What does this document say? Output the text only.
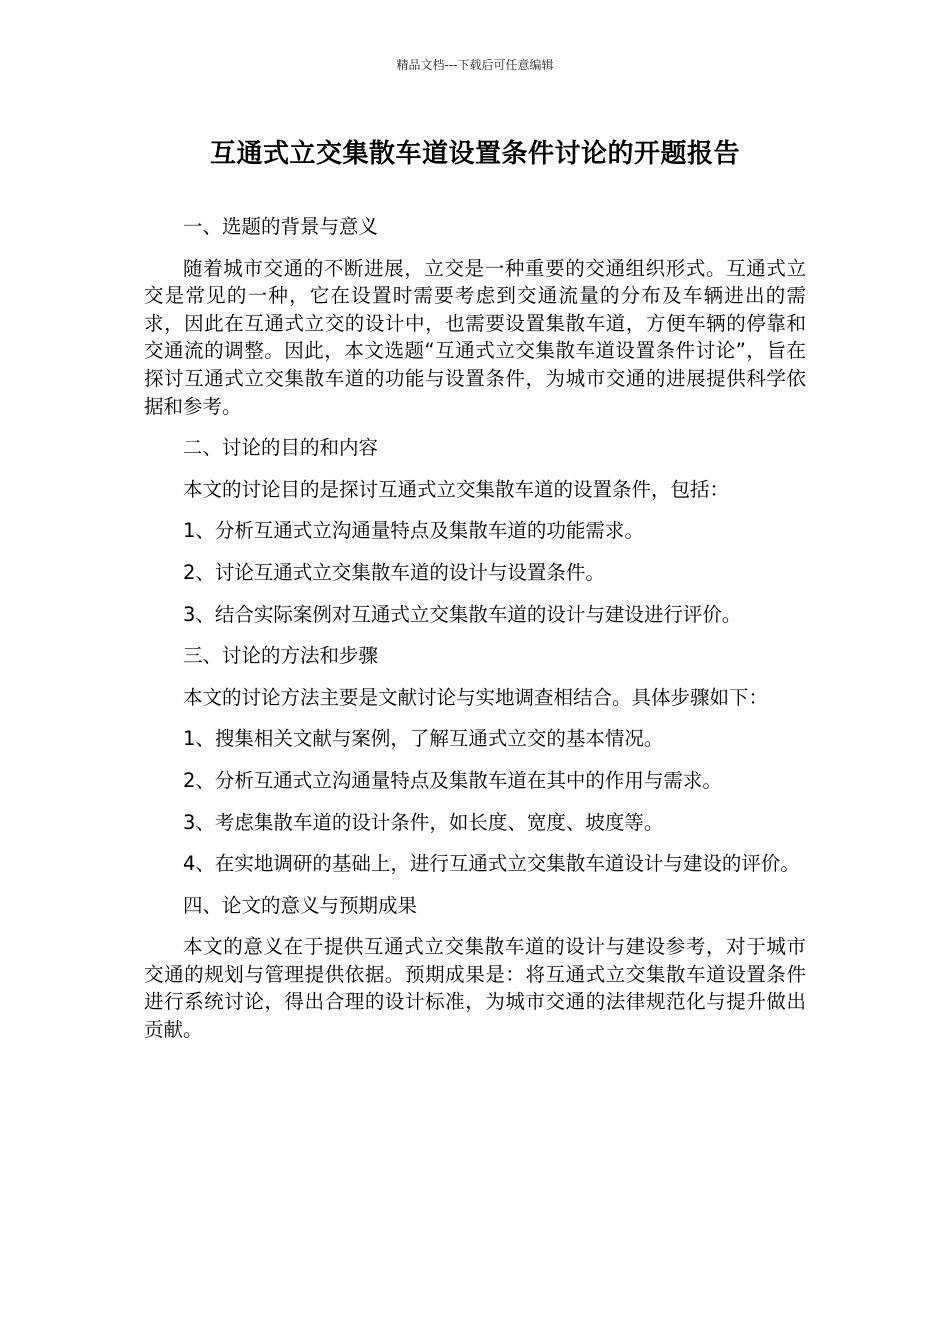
精品文档---下载后可任意编辑
互通式立交集散车道设置条件讨论的开题报告

一、选题的背景与意义

随着城市交通的不断进展，立交是一种重要的交通组织形式。互通式立交是常见的一种，它在设置时需要考虑到交通流量的分布及车辆进出的需求，因此在互通式立交的设计中，也需要设置集散车道，方便车辆的停靠和交通流的调整。因此，本文选题“互通式立交集散车道设置条件讨论”，旨在探讨互通式立交集散车道的功能与设置条件，为城市交通的进展提供科学依据和参考。

二、讨论的目的和内容

本文的讨论目的是探讨互通式立交集散车道的设置条件，包括：

1、分析互通式立沟通量特点及集散车道的功能需求。

2、讨论互通式立交集散车道的设计与设置条件。

3、结合实际案例对互通式立交集散车道的设计与建设进行评价。

三、讨论的方法和步骤

本文的讨论方法主要是文献讨论与实地调查相结合。具体步骤如下：

1、搜集相关文献与案例，了解互通式立交的基本情况。

2、分析互通式立沟通量特点及集散车道在其中的作用与需求。

3、考虑集散车道的设计条件，如长度、宽度、坡度等。

4、在实地调研的基础上，进行互通式立交集散车道设计与建设的评价。

四、论文的意义与预期成果

本文的意义在于提供互通式立交集散车道的设计与建设参考，对于城市交通的规划与管理提供依据。预期成果是：将互通式立交集散车道设置条件进行系统讨论，得出合理的设计标准，为城市交通的法律规范化与提升做出贡献。
